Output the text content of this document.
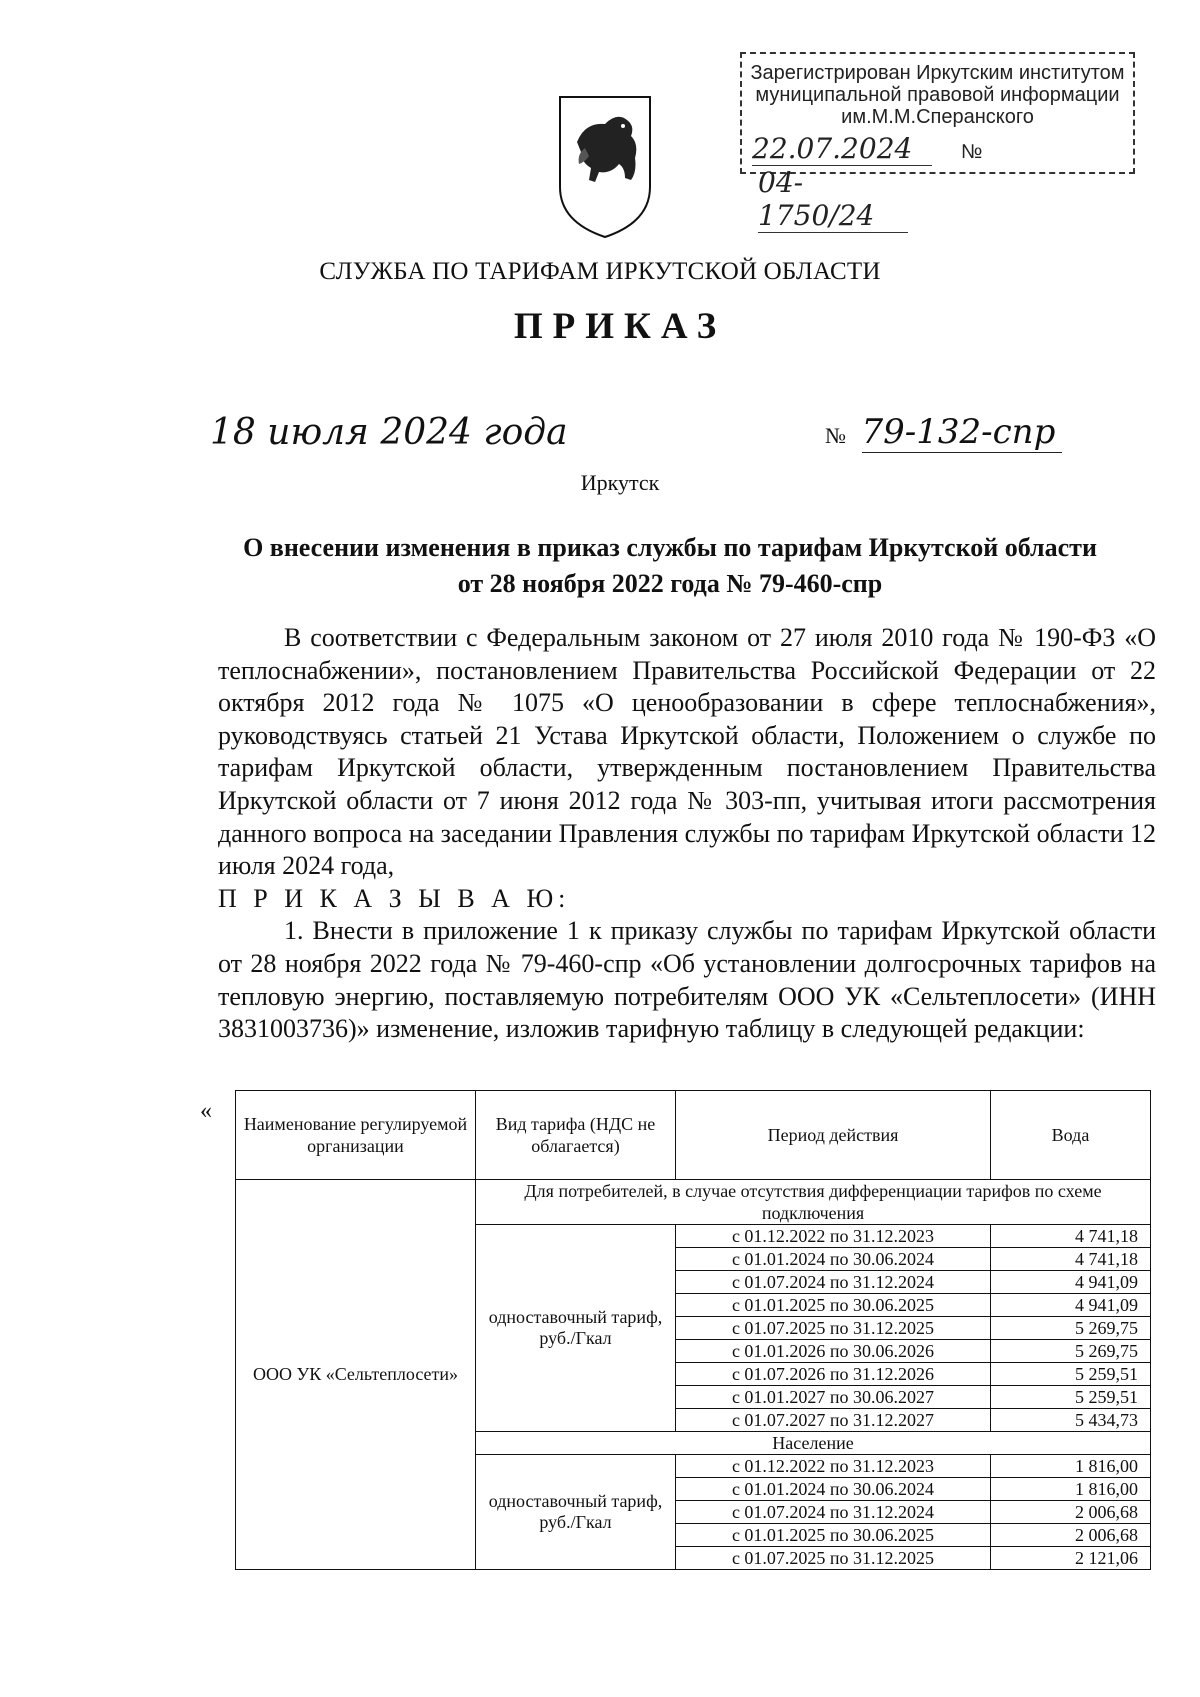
Зарегистрирован Иркутским институтом
муниципальной правовой информации
им.М.М.Сперанского
22.07.2024 № 04-1750/24
СЛУЖБА ПО ТАРИФАМ ИРКУТСКОЙ ОБЛАСТИ
ПРИКАЗ
18 июля 2024 года	№ 79-132-спр
Иркутск
О внесении изменения в приказ службы по тарифам Иркутской области
от 28 ноября 2022 года № 79-460-спр

В соответствии с Федеральным законом от 27 июля 2010 года № 190-ФЗ «О теплоснабжении», постановлением Правительства Российской Федерации от 22 октября 2012 года № 1075 «О ценообразовании в сфере теплоснабжения», руководствуясь статьей 21 Устава Иркутской области, Положением о службе по тарифам Иркутской области, утвержденным постановлением Правительства Иркутской области от 7 июня 2012 года № 303-пп, учитывая итоги рассмотрения данного вопроса на заседании Правления службы по тарифам Иркутской области 12 июля 2024 года,

П Р И К А З Ы В А Ю:

1. Внести в приложение 1 к приказу службы по тарифам Иркутской области от 28 ноября 2022 года № 79-460-спр «Об установлении долгосрочных тарифов на тепловую энергию, поставляемую потребителям ООО УК «Сельтеплосети» (ИНН 3831003736)» изменение, изложив тарифную таблицу в следующей редакции:

« Наименование регулируемой организации	Вид тарифа (НДС не облагается)	Период действия	Вода
ООО УК «Сельтеплосети»	Для потребителей, в случае отсутствия дифференциации тарифов по схеме подключения		
	одноставочный тариф, руб./Гкал	с 01.12.2022 по 31.12.2023	4 741,18
		с 01.01.2024 по 30.06.2024	4 741,18
		с 01.07.2024 по 31.12.2024	4 941,09
		с 01.01.2025 по 30.06.2025	4 941,09
		с 01.07.2025 по 31.12.2025	5 269,75
		с 01.01.2026 по 30.06.2026	5 269,75
		с 01.07.2026 по 31.12.2026	5 259,51
		с 01.01.2027 по 30.06.2027	5 259,51
		с 01.07.2027 по 31.12.2027	5 434,73
	Население		
	одноставочный тариф, руб./Гкал	с 01.12.2022 по 31.12.2023	1 816,00
		с 01.01.2024 по 30.06.2024	1 816,00
		с 01.07.2024 по 31.12.2024	2 006,68
		с 01.01.2025 по 30.06.2025	2 006,68
		с 01.07.2025 по 31.12.2025	2 121,06
